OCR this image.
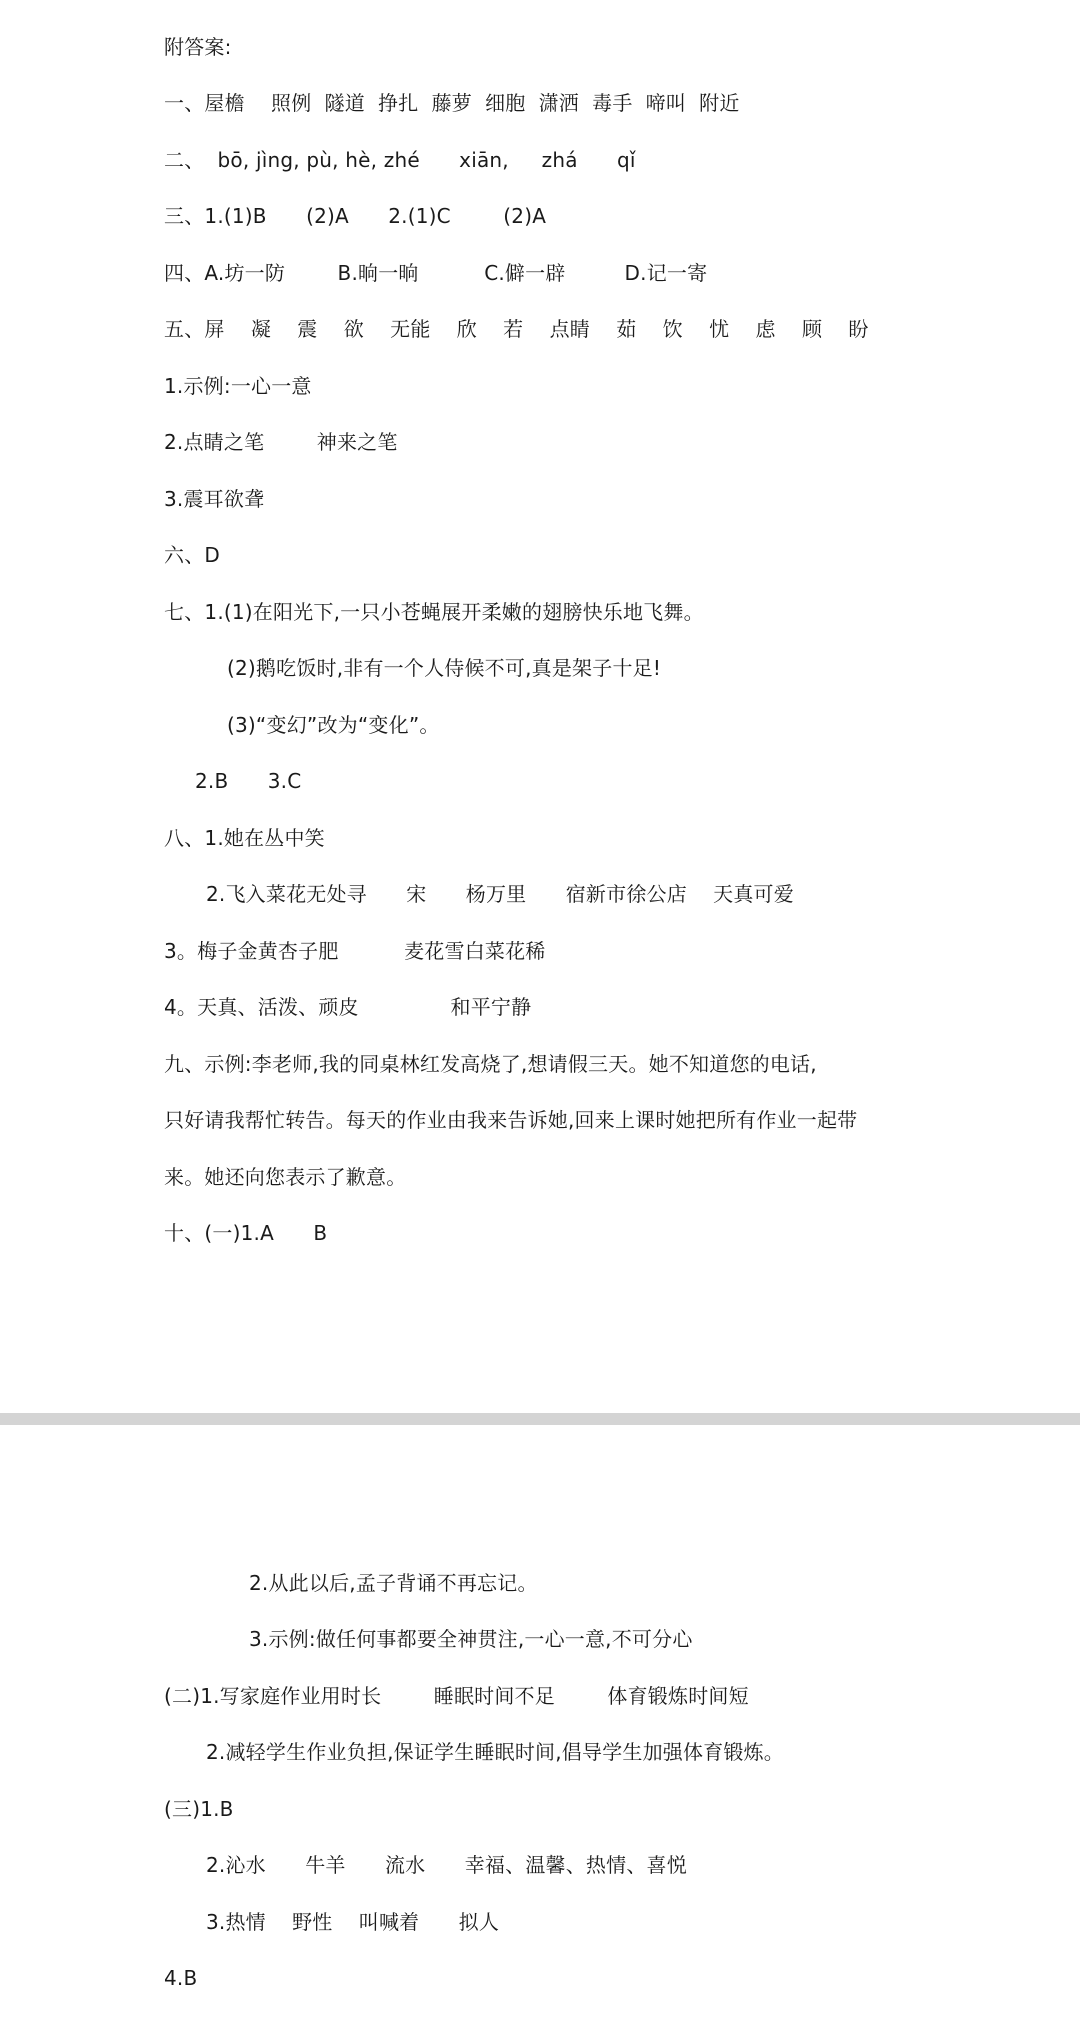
附答案:
一、屋檐    照例  隧道  挣扎  藤萝  细胞  潇洒  毒手  啼叫  附近
二、  bō, jìng, pù, hè, zhé      xiān,     zhá      qǐ
三、1.(1)B      (2)A      2.(1)C        (2)A
四、A.坊一防        B.晌一晌          C.僻一辟         D.记一寄
五、屏    凝    震    欲    无能    欣    若    点睛    茹    饮    忧    虑    顾    盼
1.示例:一心一意
2.点睛之笔        神来之笔
3.震耳欲聋
六、D
七、1.(1)在阳光下,一只小苍蝇展开柔嫩的翅膀快乐地飞舞。
(2)鹅吃饭时,非有一个人侍候不可,真是架子十足!
(3)“变幻”改为“变化”。
2.B      3.C
八、1.她在丛中笑
2.飞入菜花无处寻      宋      杨万里      宿新市徐公店    天真可爱
3。梅子金黄杏子肥          麦花雪白菜花稀
4。天真、活泼、顽皮              和平宁静
九、示例:李老师,我的同桌林红发高烧了,想请假三天。她不知道您的电话,
只好请我帮忙转告。每天的作业由我来告诉她,回来上课时她把所有作业一起带
来。她还向您表示了歉意。
十、(一)1.A      B
2.从此以后,孟子背诵不再忘记。
3.示例:做任何事都要全神贯注,一心一意,不可分心
(二)1.写家庭作业用时长        睡眠时间不足        体育锻炼时间短
2.减轻学生作业负担,保证学生睡眠时间,倡导学生加强体育锻炼。
(三)1.B
2.沁水      牛羊      流水      幸福、温馨、热情、喜悦
3.热情    野性    叫喊着      拟人
4.B
